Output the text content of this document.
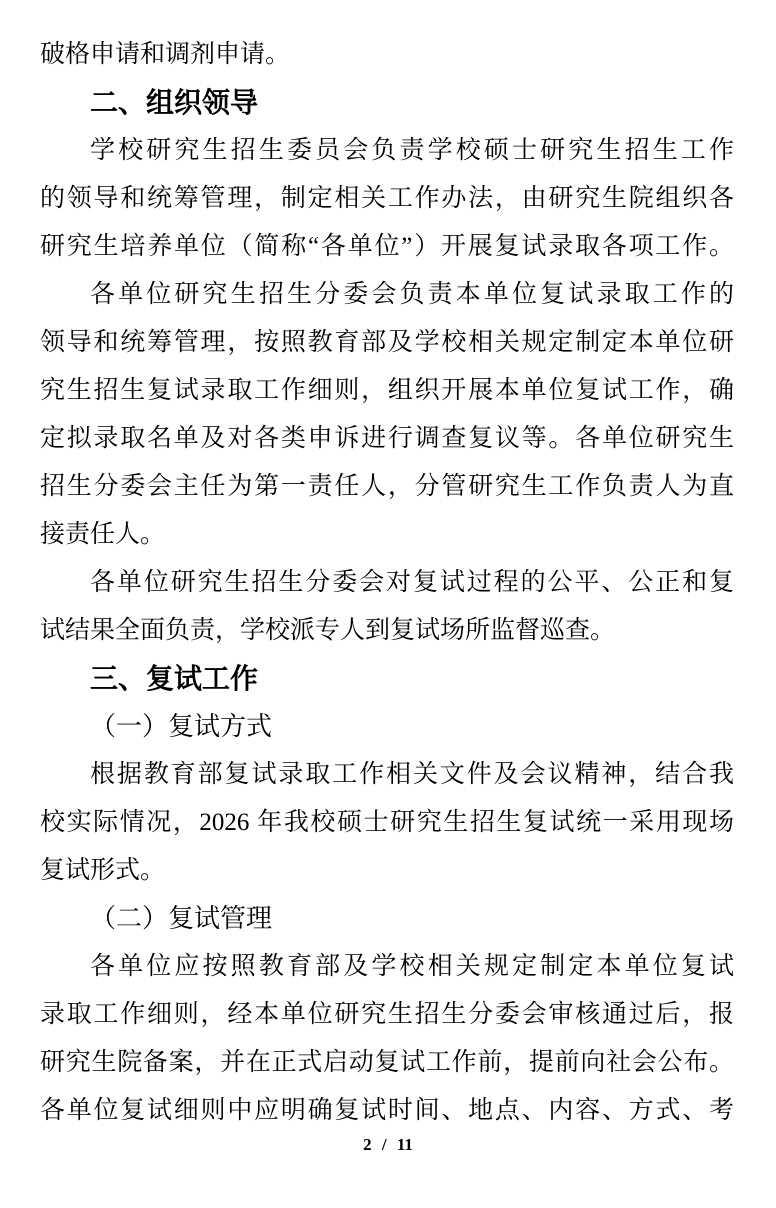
破格申请和调剂申请。
二、组织领导
学校研究生招生委员会负责学校硕士研究生招生工作
的领导和统筹管理，制定相关工作办法，由研究生院组织各
研究生培养单位（简称“各单位”）开展复试录取各项工作。
各单位研究生招生分委会负责本单位复试录取工作的
领导和统筹管理，按照教育部及学校相关规定制定本单位研
究生招生复试录取工作细则，组织开展本单位复试工作，确
定拟录取名单及对各类申诉进行调查复议等。各单位研究生
招生分委会主任为第一责任人，分管研究生工作负责人为直
接责任人。
各单位研究生招生分委会对复试过程的公平、公正和复
试结果全面负责，学校派专人到复试场所监督巡查。
三、复试工作
（一）复试方式
根据教育部复试录取工作相关文件及会议精神，结合我
校实际情况，2026 年我校硕士研究生招生复试统一采用现场
复试形式。
（二）复试管理
各单位应按照教育部及学校相关规定制定本单位复试
录取工作细则，经本单位研究生招生分委会审核通过后，报
研究生院备案，并在正式启动复试工作前，提前向社会公布。
各单位复试细则中应明确复试时间、地点、内容、方式、考
2 / 11
